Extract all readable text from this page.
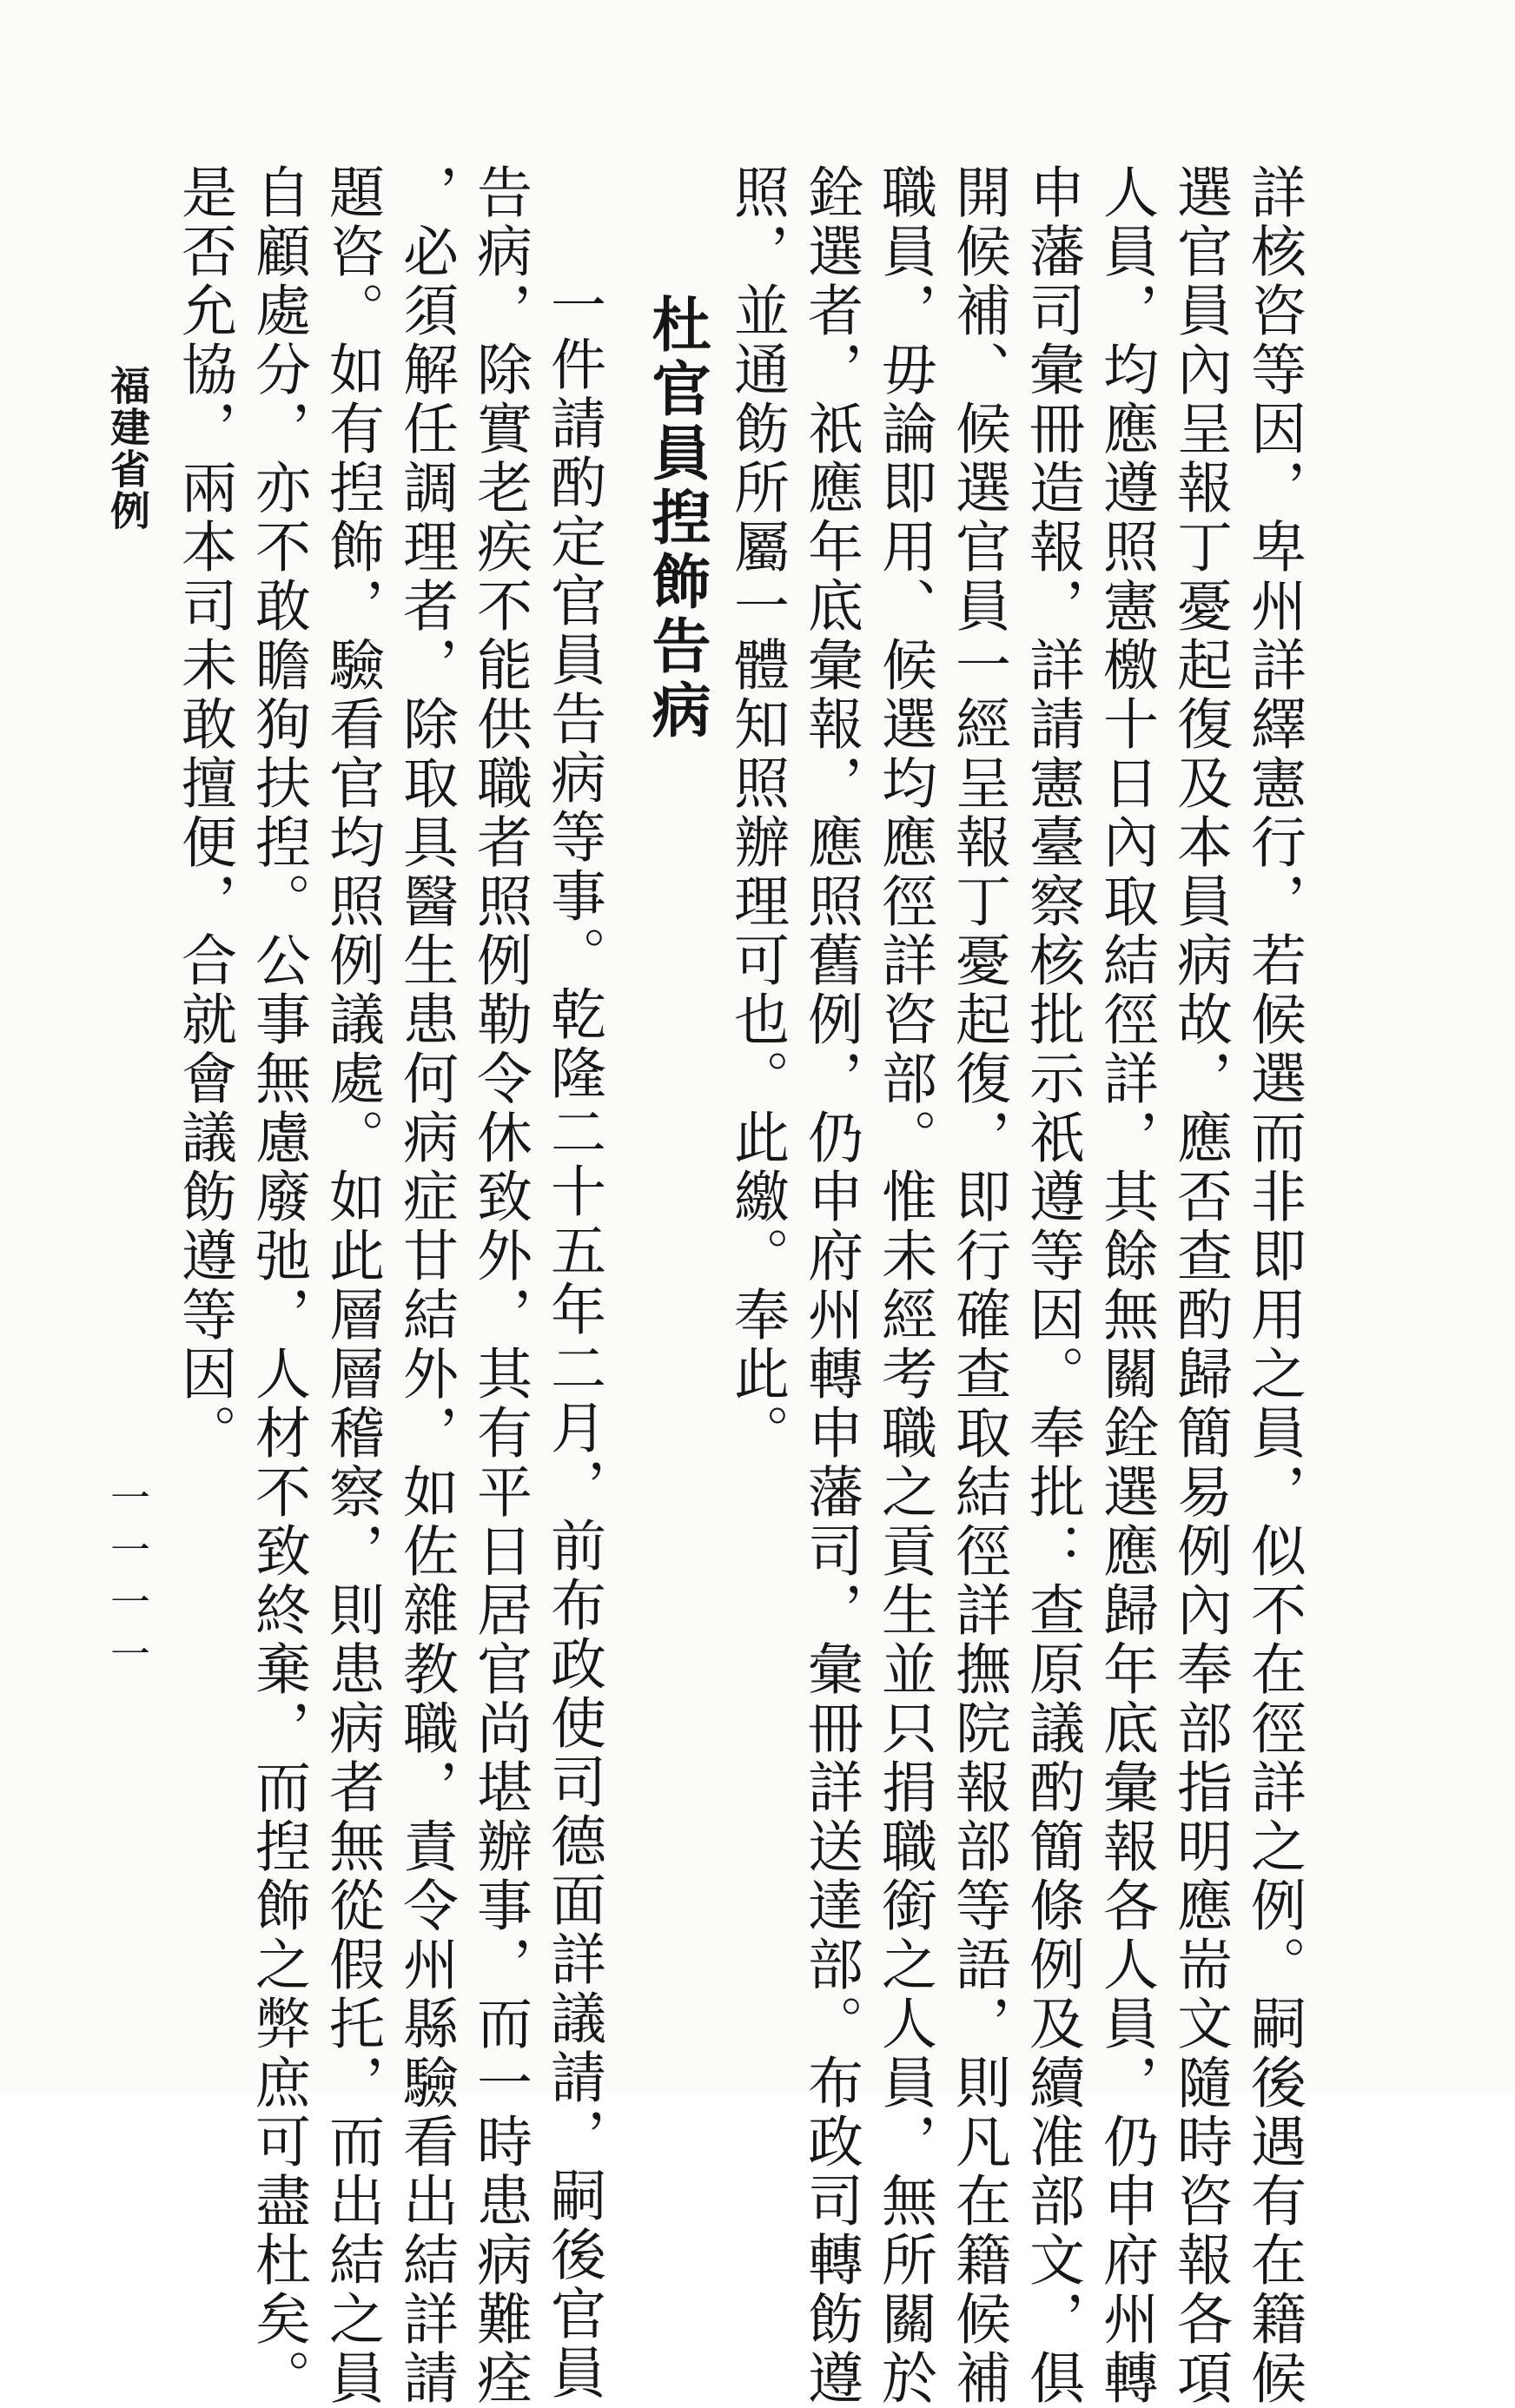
詳核咨等因，卑州詳繹憲行，若候選而非即用之員，似不在徑詳之例。嗣後遇有在籍候
選官員內呈報丁憂起復及本員病故，應否查酌歸簡易例內奉部指明應耑文隨時咨報各項
人員，均應遵照憲檄十日內取結徑詳，其餘無關銓選應歸年底彙報各人員，仍申府州轉
申藩司彙冊造報，詳請憲臺察核批示祇遵等因。奉批：查原議酌簡條例及續准部文，俱
開候補、候選官員一經呈報丁憂起復，即行確查取結徑詳撫院報部等語，則凡在籍候補
職員，毋論即用、候選均應徑詳咨部。惟未經考職之貢生並只捐職銜之人員，無所關於
銓選者，祇應年底彙報，應照舊例，仍申府州轉申藩司，彙冊詳送達部。布政司轉飭遵
照，並通飭所屬一體知照辦理可也。此繳。奉此。
杜官員揑飾告病
一件請酌定官員告病等事。乾隆二十五年二月，前布政使司德面詳議請，嗣後官員
告病，除實老疾不能供職者照例勒令休致外，其有平日居官尚堪辦事，而一時患病難痊
，必須解任調理者，除取具醫生患何病症甘結外，如佐雜教職，責令州縣驗看出結詳請
題咨。如有揑飾，驗看官均照例議處。如此層層稽察，則患病者無從假托，而出結之員
自顧處分，亦不敢瞻狥扶揑。公事無慮廢弛，人材不致終棄，而揑飾之弊庶可盡杜矣。
是否允協，兩本司未敢擅便，合就會議飭遵等因。
福建省例
一一一一
